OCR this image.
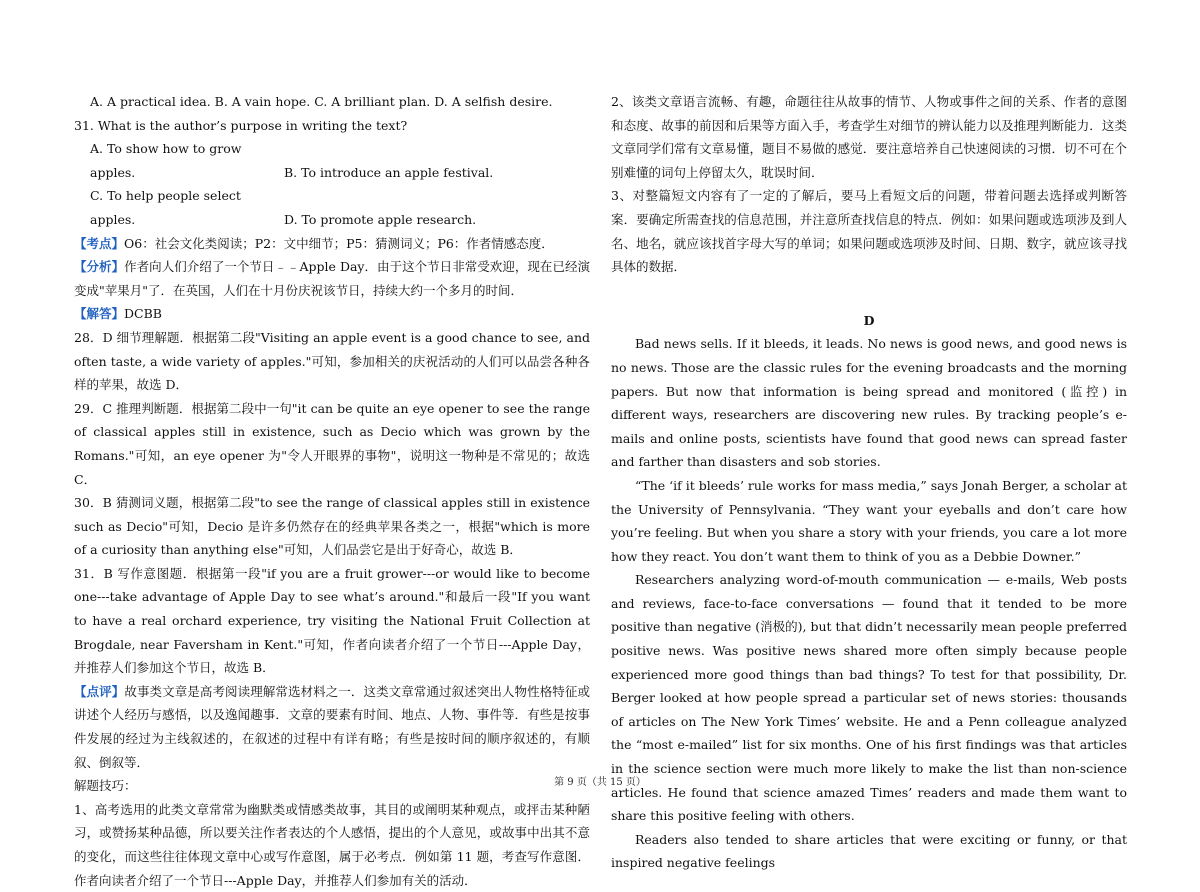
A. A practical idea. B. A vain hope. C. A brilliant plan. D. A selfish desire.

31. What is the author’s purpose in writing the text?

A. To show how to grow apples.	B. To introduce an apple festival.

C. To help people select apples.	D. To promote apple research.

【考点】O6：社会文化类阅读；P2：文中细节；P5：猜测词义；P6：作者情感态度．

【分析】作者向人们介绍了一个节日﹣﹣Apple Day．由于这个节日非常受欢迎，现在已经演变成"苹果月"了．在英国，人们在十月份庆祝该节日，持续大约一个多月的时间．

【解答】DCBB

28．D 细节理解题．根据第二段"Visiting an apple event is a good chance to see, and often taste, a wide variety of apples."可知，参加相关的庆祝活动的人们可以品尝各种各样的苹果，故选 D．

29．C 推理判断题．根据第二段中一句"it can be quite an eye opener to see the range of classical apples still in existence, such as Decio which was grown by the Romans."可知，an eye opener 为"令人开眼界的事物"，说明这一物种是不常见的；故选 C．

30．B 猜测词义题，根据第二段"to see the range of classical apples still in existence such as Decio"可知，Decio 是许多仍然存在的经典苹果各类之一，根据"which is more of a curiosity than anything else"可知，人们品尝它是出于好奇心，故选 B．

31．B 写作意图题．根据第一段"if you are a fruit grower---or would like to become one---take advantage of Apple Day to see what’s around."和最后一段"If you want to have a real orchard experience, try visiting the National Fruit Collection at Brogdale, near Faversham in Kent."可知，作者向读者介绍了一个节日---Apple Day，并推荐人们参加这个节日，故选 B．

【点评】故事类文章是高考阅读理解常选材料之一．这类文章常通过叙述突出人物性格特征或讲述个人经历与感悟，以及逸闻趣事．文章的要素有时间、地点、人物、事件等．有些是按事件发展的经过为主线叙述的，在叙述的过程中有详有略；有些是按时间的顺序叙述的，有顺叙、倒叙等．

解题技巧：

1、高考选用的此类文章常常为幽默类或情感类故事，其目的或阐明某种观点，或抨击某种陋习，或赞扬某种品德，所以要关注作者表达的个人感悟，提出的个人意见，或故事中出其不意的变化，而这些往往体现文章中心或写作意图，属于必考点．例如第 11 题，考查写作意图．作者向读者介绍了一个节日---Apple Day，并推荐人们参加有关的活动．

2、该类文章语言流畅、有趣，命题往往从故事的情节、人物或事件之间的关系、作者的意图和态度、故事的前因和后果等方面入手，考查学生对细节的辨认能力以及推理判断能力．这类文章同学们常有文章易懂，题目不易做的感觉．要注意培养自己快速阅读的习惯．切不可在个别难懂的词句上停留太久，耽误时间．

3、对整篇短文内容有了一定的了解后，要马上看短文后的问题，带着问题去选择或判断答案．要确定所需查找的信息范围，并注意所查找信息的特点．例如：如果问题或选项涉及到人名、地名，就应该找首字母大写的单词；如果问题或选项涉及时间、日期、数字，就应该寻找具体的数据．

D

Bad news sells. If it bleeds, it leads. No news is good news, and good news is no news. Those are the classic rules for the evening broadcasts and the morning papers. But now that information is being spread and monitored (监控) in different ways, researchers are discovering new rules. By tracking people’s e-mails and online posts, scientists have found that good news can spread faster and farther than disasters and sob stories.

“The ‘if it bleeds’ rule works for mass media,” says Jonah Berger, a scholar at the University of Pennsylvania. “They want your eyeballs and don’t care how you’re feeling. But when you share a story with your friends, you care a lot more how they react. You don’t want them to think of you as a Debbie Downer.”

Researchers analyzing word-of-mouth communication — e-mails, Web posts and reviews, face-to-face conversations — found that it tended to be more positive than negative (消极的), but that didn’t necessarily mean people preferred positive news. Was positive news shared more often simply because people experienced more good things than bad things? To test for that possibility, Dr. Berger looked at how people spread a particular set of news stories: thousands of articles on The New York Times’ website. He and a Penn colleague analyzed the “most e-mailed” list for six months. One of his first findings was that articles in the science section were much more likely to make the list than non-science articles. He found that science amazed Times’ readers and made them want to share this positive feeling with others.

Readers also tended to share articles that were exciting or funny, or that inspired negative feelings

第 9 页（共 15 页）
